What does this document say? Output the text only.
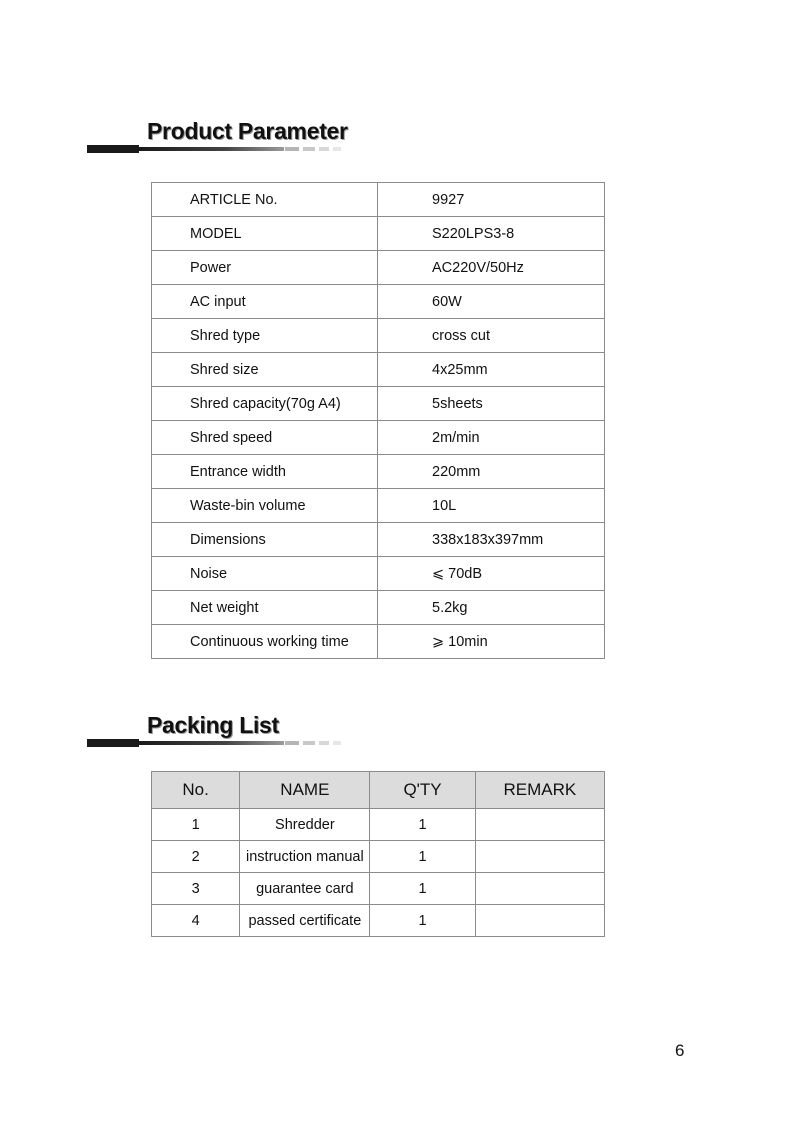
Product Parameter
ARTICLE No.	9927
MODEL	S220LPS3-8
Power	AC220V/50Hz
AC input	60W
Shred type	cross cut
Shred size	4x25mm
Shred capacity(70g A4)	5sheets
Shred speed	2m/min
Entrance width	220mm
Waste-bin volume	10L
Dimensions	338x183x397mm
Noise	⩽ 70dB
Net weight	5.2kg
Continuous working time	⩾ 10min
Packing List
No.	NAME	Q'TY	REMARK
1	Shredder	1	
2	instruction manual	1	
3	guarantee card	1	
4	passed certificate	1	
6
